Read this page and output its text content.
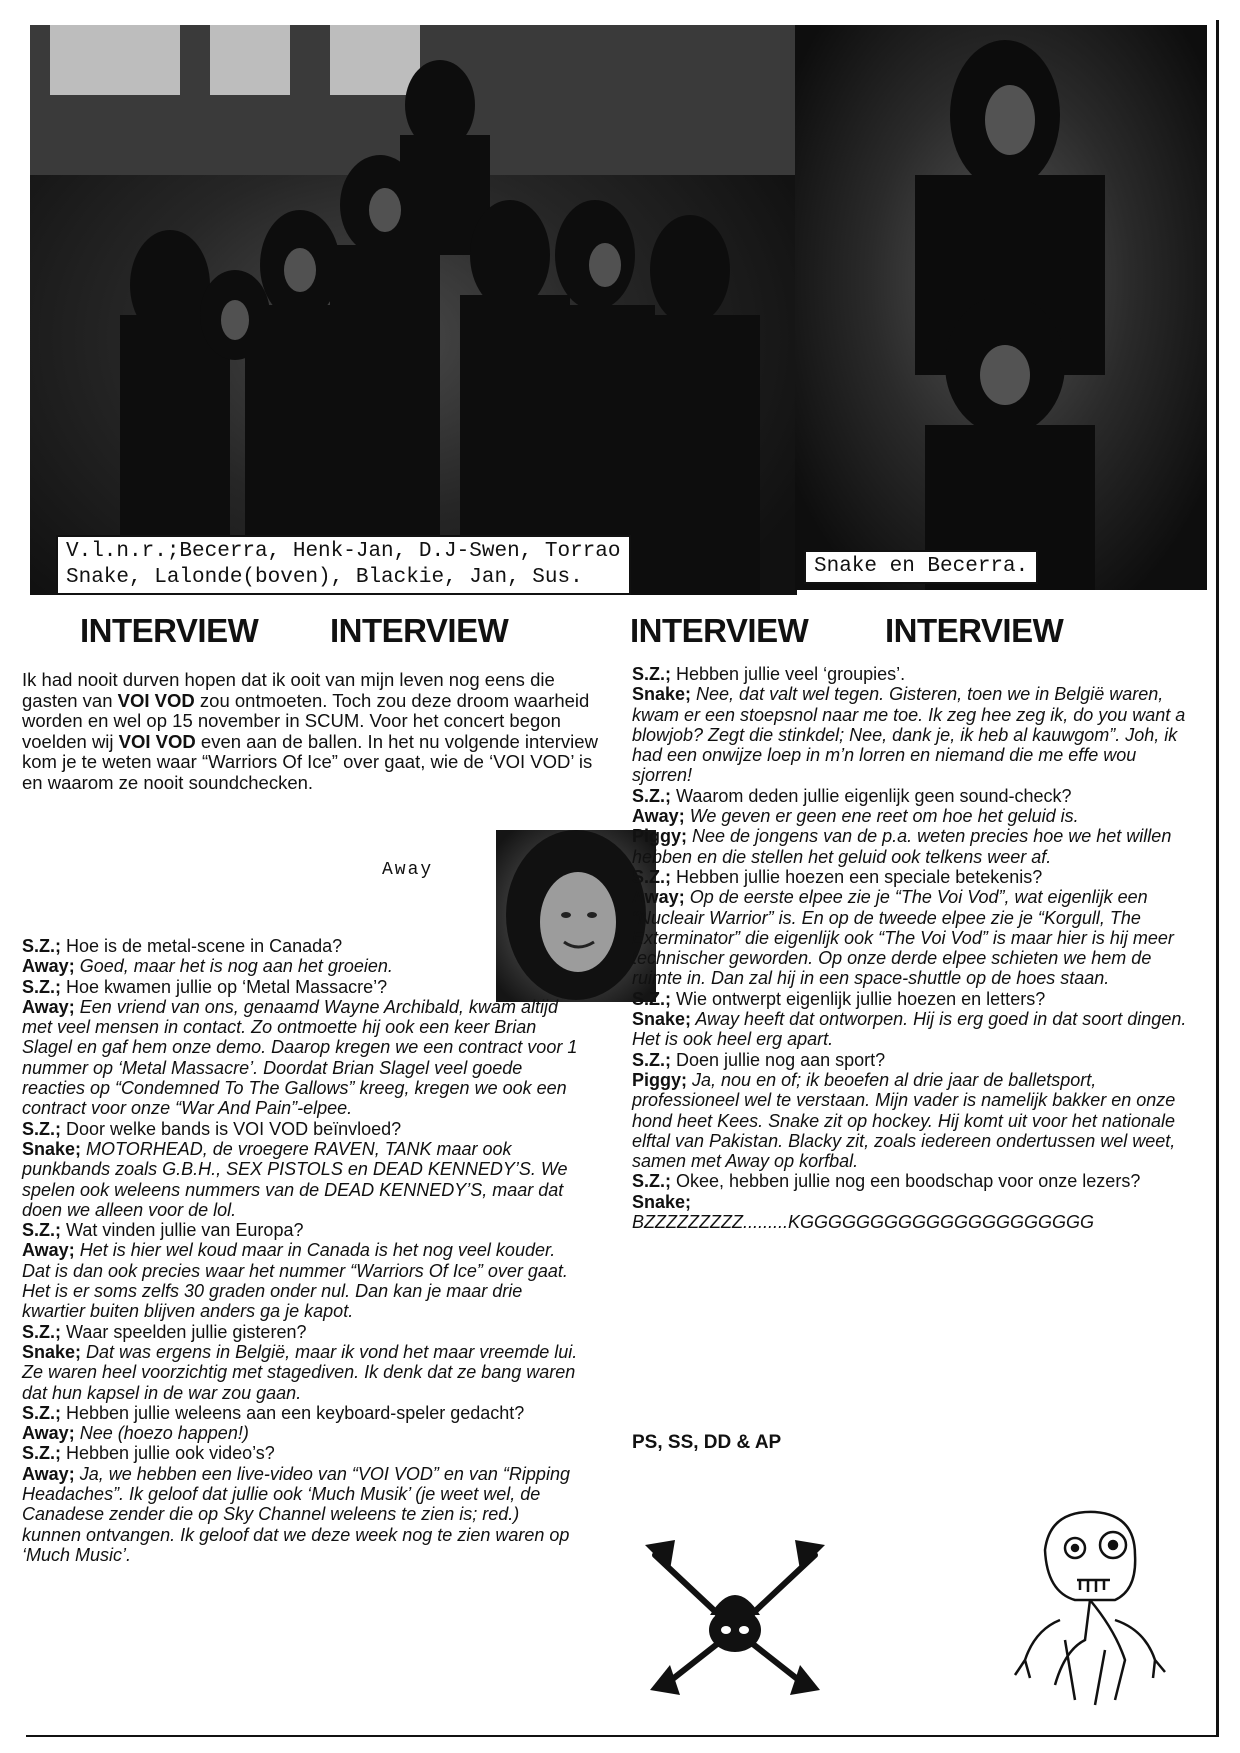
V.l.n.r.;Becerra, Henk-Jan, D.J-Swen, Torrao
Snake, Lalonde(boven), Blackie, Jan, Sus.	Snake en Becerra.
INTERVIEW INTERVIEW	INTERVIEW INTERVIEW
Ik had nooit durven hopen dat ik ooit van mijn leven nog eens die gasten van VOI VOD zou ontmoeten. Toch zou deze droom waarheid worden en wel op 15 november in SCUM. Voor het concert begon voelden wij VOI VOD even aan de ballen. In het nu volgende interview kom je te weten waar “Warriors Of Ice” over gaat, wie de ‘VOI VOD’ is en waarom ze nooit soundchecken.
Away

S.Z.; Hoe is de metal-scene in Canada?

Away; Goed, maar het is nog aan het groeien.

S.Z.; Hoe kwamen jullie op ‘Metal Massacre’?

Away; Een vriend van ons, genaamd Wayne Archibald, kwam altijd met veel mensen in contact. Zo ontmoette hij ook een keer Brian Slagel en gaf hem onze demo. Daarop kregen we een contract voor 1 nummer op ‘Metal Massacre’. Doordat Brian Slagel veel goede reacties op “Condemned To The Gallows” kreeg, kregen we ook een contract voor onze “War And Pain”-elpee.

S.Z.; Door welke bands is VOI VOD beïnvloed?

Snake; MOTORHEAD, de vroegere RAVEN, TANK maar ook punkbands zoals G.B.H., SEX PISTOLS en DEAD KENNEDY’S. We spelen ook weleens nummers van de DEAD KENNEDY’S, maar dat doen we alleen voor de lol.

S.Z.; Wat vinden jullie van Europa?

Away; Het is hier wel koud maar in Canada is het nog veel kouder. Dat is dan ook precies waar het nummer “Warriors Of Ice” over gaat. Het is er soms zelfs 30 graden onder nul. Dan kan je maar drie kwartier buiten blijven anders ga je kapot.

S.Z.; Waar speelden jullie gisteren?

Snake; Dat was ergens in België, maar ik vond het maar vreemde lui. Ze waren heel voorzichtig met stagediven. Ik denk dat ze bang waren dat hun kapsel in de war zou gaan.

S.Z.; Hebben jullie weleens aan een keyboard-speler gedacht?

Away; Nee (hoezo happen!)

S.Z.; Hebben jullie ook video’s?

Away; Ja, we hebben een live-video van “VOI VOD” en van “Ripping Headaches”. Ik geloof dat jullie ook ‘Much Musik’ (je weet wel, de Canadese zender die op Sky Channel weleens te zien is; red.) kunnen ontvangen. Ik geloof dat we deze week nog te zien waren op ‘Much Music’.

S.Z.; Hebben jullie veel ‘groupies’.

Snake; Nee, dat valt wel tegen. Gisteren, toen we in België waren, kwam er een stoepsnol naar me toe. Ik zeg hee zeg ik, do you want a blowjob? Zegt die stinkdel; Nee, dank je, ik heb al kauwgom”. Joh, ik had een onwijze loep in m’n lorren en niemand die me effe wou sjorren!

S.Z.; Waarom deden jullie eigenlijk geen sound-check?

Away; We geven er geen ene reet om hoe het geluid is.

Piggy; Nee de jongens van de p.a. weten precies hoe we het willen hebben en die stellen het geluid ook telkens weer af.

S.Z.; Hebben jullie hoezen een speciale betekenis?

Away; Op de eerste elpee zie je “The Voi Vod”, wat eigenlijk een “Nucleair Warrior” is. En op de tweede elpee zie je “Korgull, The Exterminator” die eigenlijk ook “The Voi Vod” is maar hier is hij meer technischer geworden. Op onze derde elpee schieten we hem de ruimte in. Dan zal hij in een space-shuttle op de hoes staan.

S.Z.; Wie ontwerpt eigenlijk jullie hoezen en letters?

Snake; Away heeft dat ontworpen. Hij is erg goed in dat soort dingen. Het is ook heel erg apart.

S.Z.; Doen jullie nog aan sport?

Piggy; Ja, nou en of; ik beoefen al drie jaar de balletsport, professioneel wel te verstaan. Mijn vader is namelijk bakker en onze hond heet Kees. Snake zit op hockey. Hij komt uit voor het nationale elftal van Pakistan. Blacky zit, zoals iedereen ondertussen wel weet, samen met Away op korfbal.

S.Z.; Okee, hebben jullie nog een boodschap voor onze lezers?

Snake;

BZZZZZZZZZ.........KGGGGGGGGGGGGGGGGGGGGG

PS, SS, DD & AP
